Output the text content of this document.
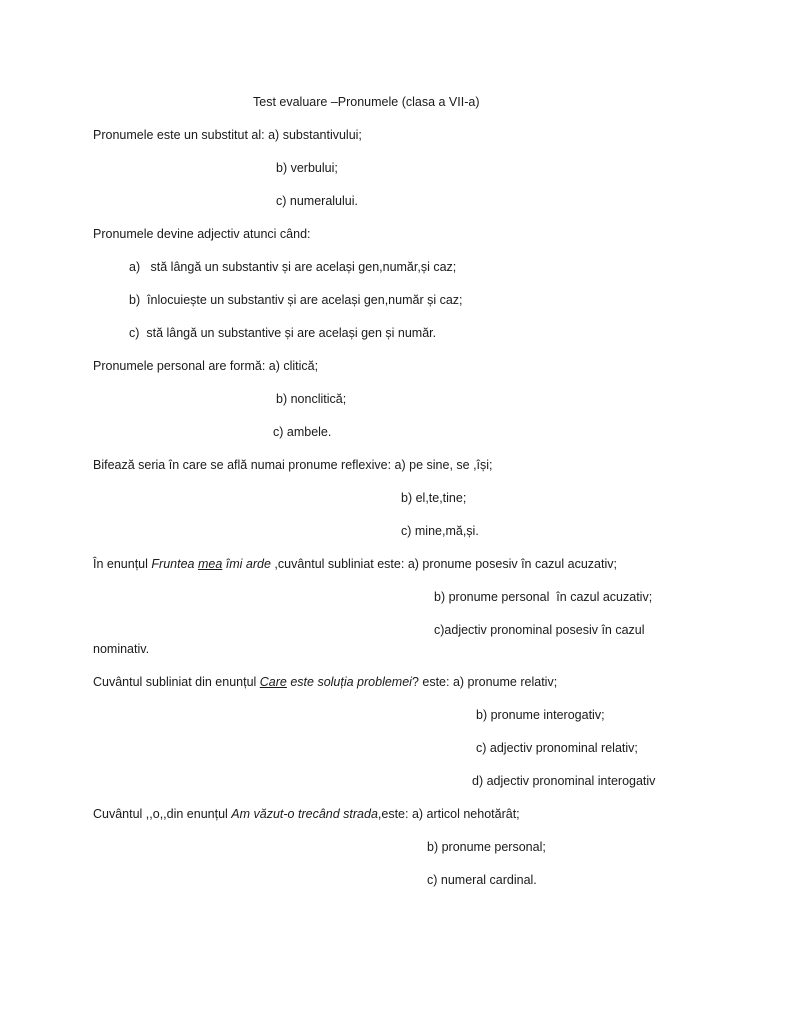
Test evaluare –Pronumele (clasa a VII-a)
Pronumele este un substitut al: a) substantivului;
b) verbului;
c) numeralului.
Pronumele devine adjectiv atunci când:
a)   stă lângă un substantiv și are același gen,număr,și caz;
b)  înlocuiește un substantiv și are același gen,număr și caz;
c)  stă lângă un substantive și are același gen și număr.
Pronumele personal are formă: a) clitică;
b) nonclitică;
c) ambele.
Bifează seria în care se află numai pronume reflexive: a) pe sine, se ,își;
b) el,te,tine;
c) mine,mă,și.
În enunțul Fruntea mea îmi arde ,cuvântul subliniat este: a) pronume posesiv în cazul acuzativ;
b) pronume personal  în cazul acuzativ;
c)adjectiv pronominal posesiv în cazul
nominativ.
Cuvântul subliniat din enunțul Care este soluția problemei? este: a) pronume relativ;
b) pronume interogativ;
c) adjectiv pronominal relativ;
d) adjectiv pronominal interogativ
Cuvântul ,,o,,din enunțul Am văzut-o trecând strada,este: a) articol nehotărât;
b) pronume personal;
c) numeral cardinal.
